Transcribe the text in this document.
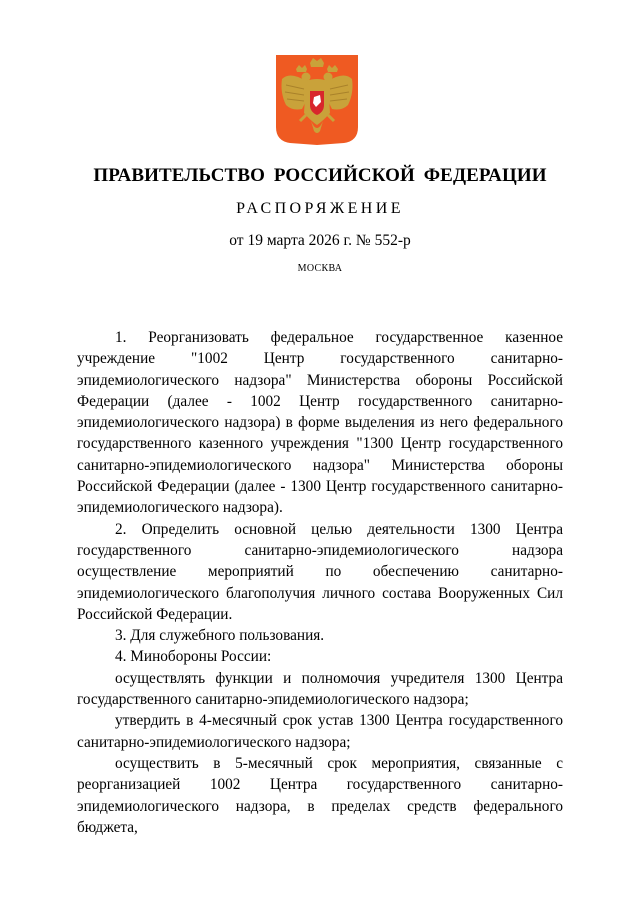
ПРАВИТЕЛЬСТВО РОССИЙСКОЙ ФЕДЕРАЦИИ
РАСПОРЯЖЕНИЕ
от 19 марта 2026 г. № 552-р
МОСКВА

1. Реорганизовать федеральное государственное казенное учреждение "1002 Центр государственного санитарно-эпидемиологического надзора" Министерства обороны Российской Федерации (далее - 1002 Центр государственного санитарно-эпидемиологического надзора) в форме выделения из него федерального государственного казенного учреждения "1300 Центр государственного санитарно-эпидемиологического надзора" Министерства обороны Российской Федерации (далее - 1300 Центр государственного санитарно-эпидемиологического надзора).

2. Определить основной целью деятельности 1300 Центра государственного санитарно-эпидемиологического надзора осуществление мероприятий по обеспечению санитарно-эпидемиологического благополучия личного состава Вооруженных Сил Российской Федерации.

3. Для служебного пользования.

4. Минобороны России:

осуществлять функции и полномочия учредителя 1300 Центра государственного санитарно-эпидемиологического надзора;

утвердить в 4-месячный срок устав 1300 Центра государственного санитарно-эпидемиологического надзора;

осуществить в 5-месячный срок мероприятия, связанные с реорганизацией 1002 Центра государственного санитарно-эпидемиологического надзора, в пределах средств федерального бюджета,
